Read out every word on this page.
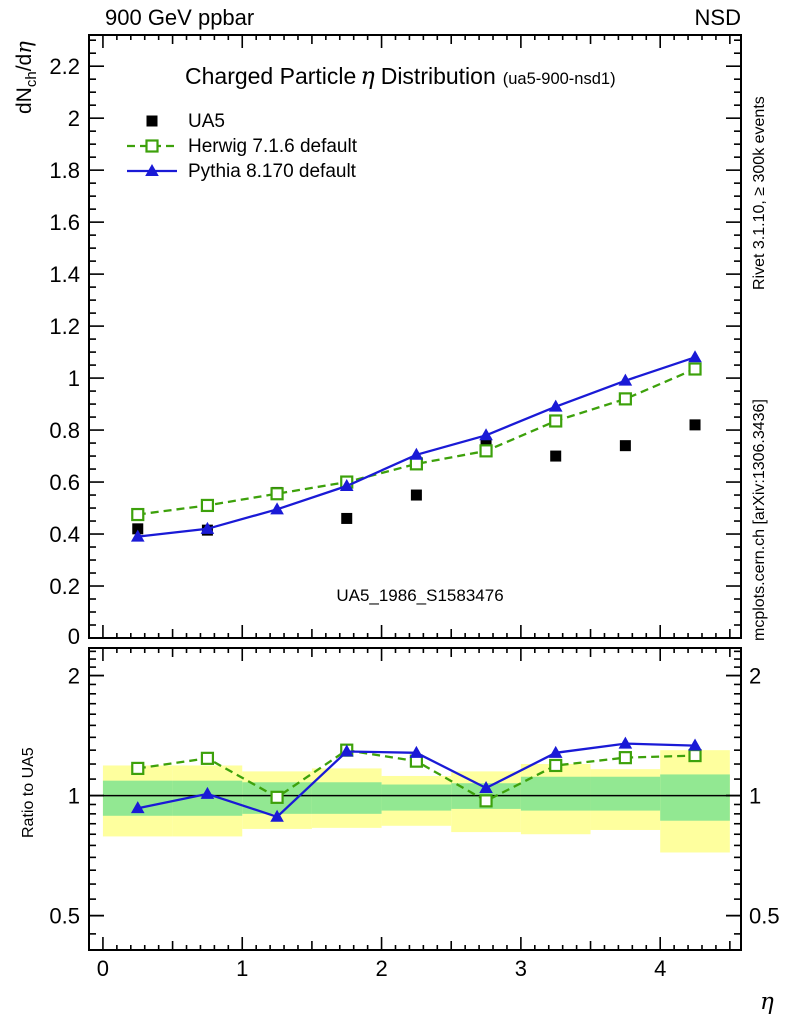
900 GeV ppbar	NSD
UA5
Herwig 7.1.6 default
Pythia 8.170 default
0
0.2
0.4
0.6
0.8
1
1.2
1.4
1.6
1.8
2
2.2
0.5	0.5
1	1
2	2
0	1	2	3	4
Charged Particle η Distribution (ua5-900-nsd1)
UA5_1986_S1583476
$dN_{ch}/d\eta$
Ratio to UA5
Rivet 3.1.10, ≥ 300k events
mcplots.cern.ch [arXiv:1306.3436]
η
